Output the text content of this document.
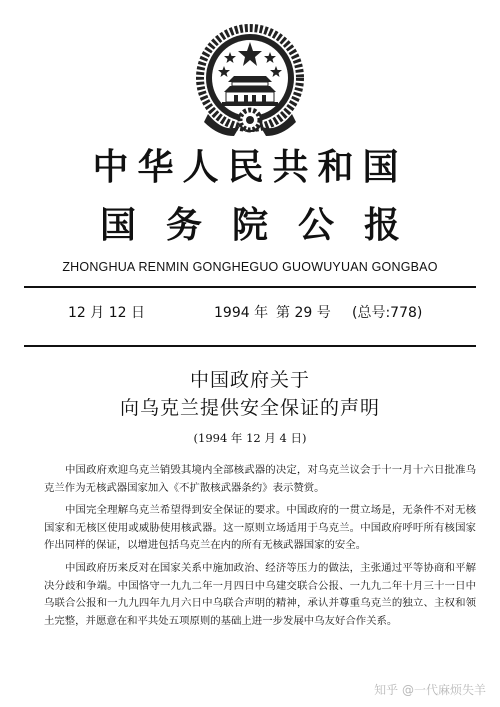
中华人民共和国
国务院公报
ZHONGHUA RENMIN GONGHEGUO GUOWUYUAN GONGBAO
12 月 12 日	1994 年 第 29 号 (总号:778)
中国政府关于
向乌克兰提供安全保证的声明
(1994 年 12 月 4 日)

中国政府欢迎乌克兰销毁其境内全部核武器的决定，对乌克兰议会于十一月十六日批准乌克兰作为无核武器国家加入《不扩散核武器条约》表示赞赏。

中国完全理解乌克兰希望得到安全保证的要求。中国政府的一贯立场是，无条件不对无核国家和无核区使用或威胁使用核武器。这一原则立场适用于乌克兰。中国政府呼吁所有核国家作出同样的保证，以增进包括乌克兰在内的所有无核武器国家的安全。

中国政府历来反对在国家关系中施加政治、经济等压力的做法，主张通过平等协商和平解决分歧和争端。中国恪守一九九二年一月四日中乌建交联合公报、一九九二年十月三十一日中乌联合公报和一九九四年九月六日中乌联合声明的精神，承认并尊重乌克兰的独立、主权和领土完整，并愿意在和平共处五项原则的基础上进一步发展中乌友好合作关系。

知乎 @一代麻烦失羊
